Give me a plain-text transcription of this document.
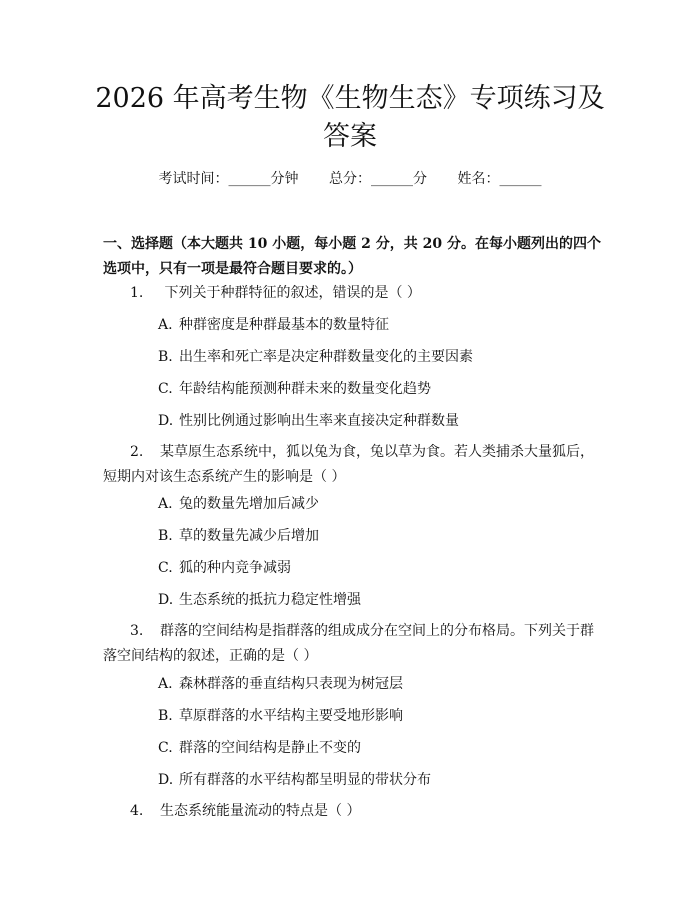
2026 年高考生物《生物生态》专项练习及答案
考试时间：______分钟 总分：______分 姓名：______

一、选择题（本大题共 10 小题，每小题 2 分，共 20 分。在每小题列出的四个选项中，只有一项是最符合题目要求的。）

1. 下列关于种群特征的叙述，错误的是（ ）
A. 种群密度是种群最基本的数量特征
B. 出生率和死亡率是决定种群数量变化的主要因素
C. 年龄结构能预测种群未来的数量变化趋势
D. 性别比例通过影响出生率来直接决定种群数量
2. 某草原生态系统中，狐以兔为食，兔以草为食。若人类捕杀大量狐后，短期内对该生态系统产生的影响是（ ）
A. 兔的数量先增加后减少
B. 草的数量先减少后增加
C. 狐的种内竞争减弱
D. 生态系统的抵抗力稳定性增强
3. 群落的空间结构是指群落的组成成分在空间上的分布格局。下列关于群落空间结构的叙述，正确的是（ ）
A. 森林群落的垂直结构只表现为树冠层
B. 草原群落的水平结构主要受地形影响
C. 群落的空间结构是静止不变的
D. 所有群落的水平结构都呈明显的带状分布
4. 生态系统能量流动的特点是（ ）
